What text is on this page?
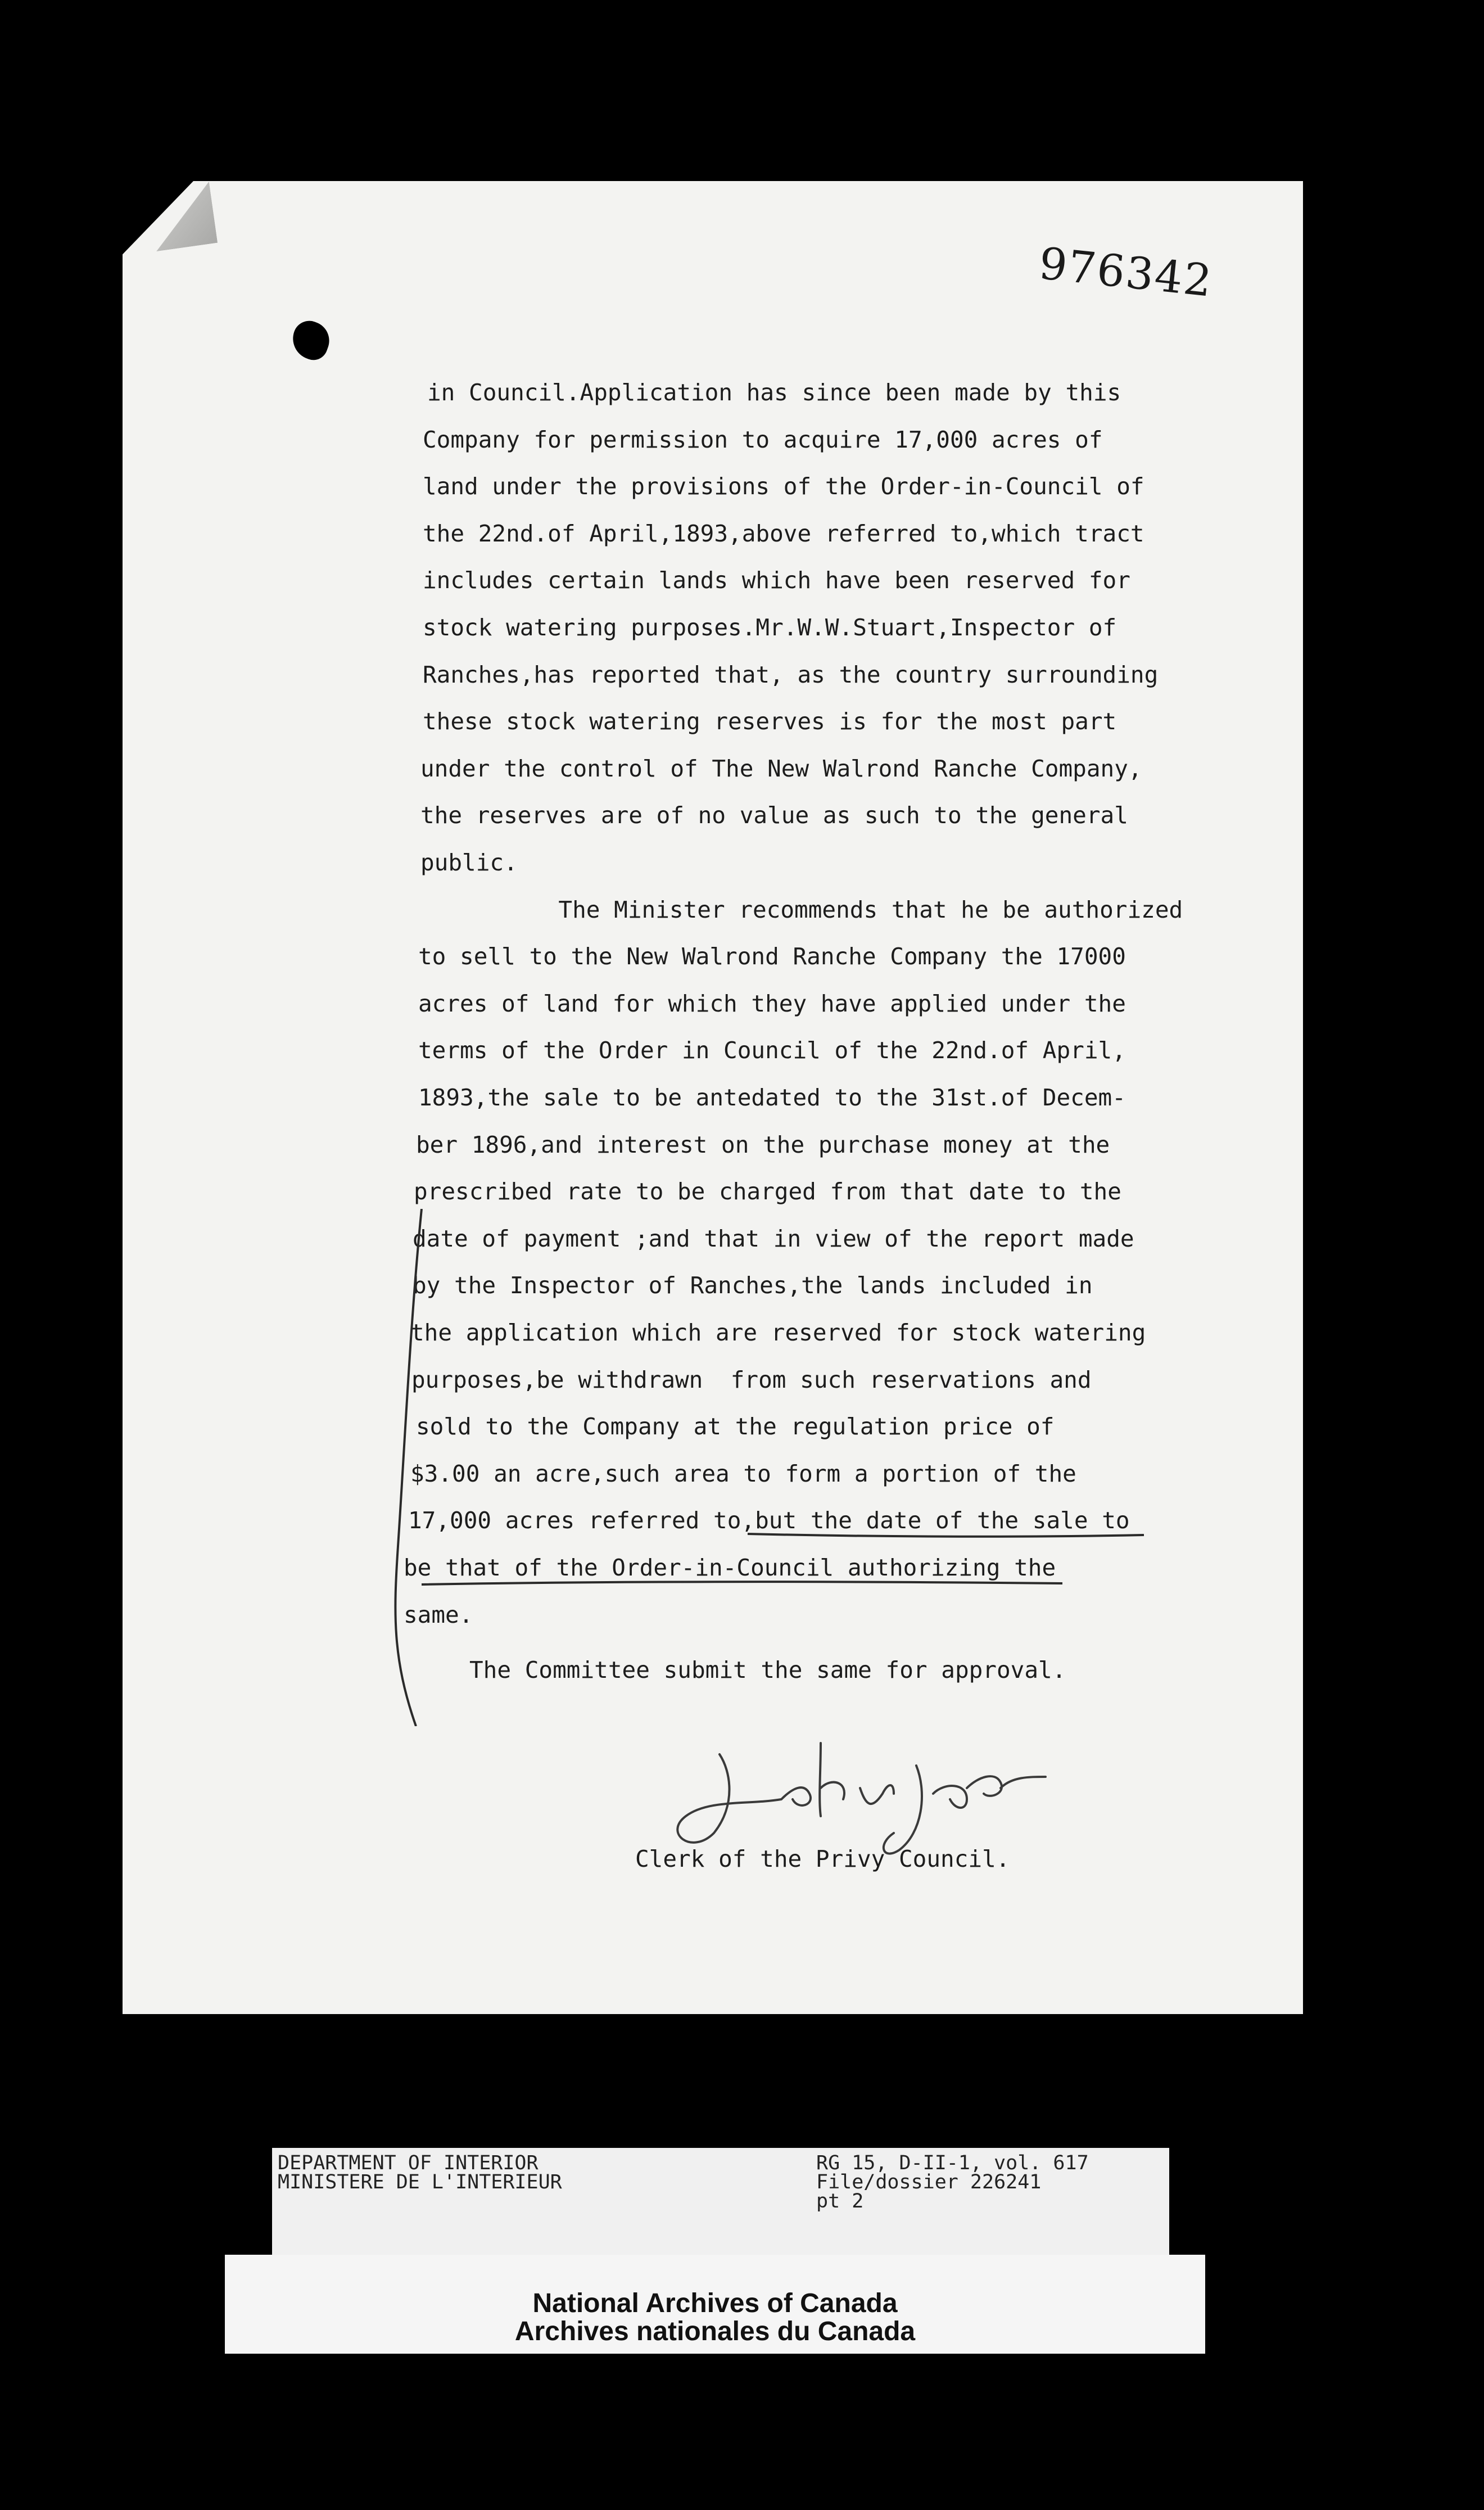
976342
in Council.Application has since been made by this
Company for permission to acquire 17,000 acres of
land under the provisions of the Order-in-Council of
the 22nd.of April,1893,above referred to,which tract
includes certain lands which have been reserved for
stock watering purposes.Mr.W.W.Stuart,Inspector of
Ranches,has reported that, as the country surrounding
these stock watering reserves is for the most part
under the control of The New Walrond Ranche Company,
the reserves are of no value as such to the general
public.
The Minister recommends that he be authorized
to sell to the New Walrond Ranche Company the 17000
acres of land for which they have applied under the
terms of the Order in Council of the 22nd.of April,
1893,the sale to be antedated to the 31st.of Decem-
ber 1896,and interest on the purchase money at the
prescribed rate to be charged from that date to the
date of payment ;and that in view of the report made
by the Inspector of Ranches,the lands included in
the application which are reserved for stock watering
purposes,be withdrawn  from such reservations and
sold to the Company at the regulation price of
$3.00 an acre,such area to form a portion of the
17,000 acres referred to,but the date of the sale to
be that of the Order-in-Council authorizing the
same.
The Committee submit the same for approval.
Clerk of the Privy Council.
DEPARTMENT OF INTERIOR
MINISTERE DE L'INTERIEUR
RG 15, D-II-1, vol. 617
File/dossier 226241
pt 2
National Archives of Canada
Archives nationales du Canada
